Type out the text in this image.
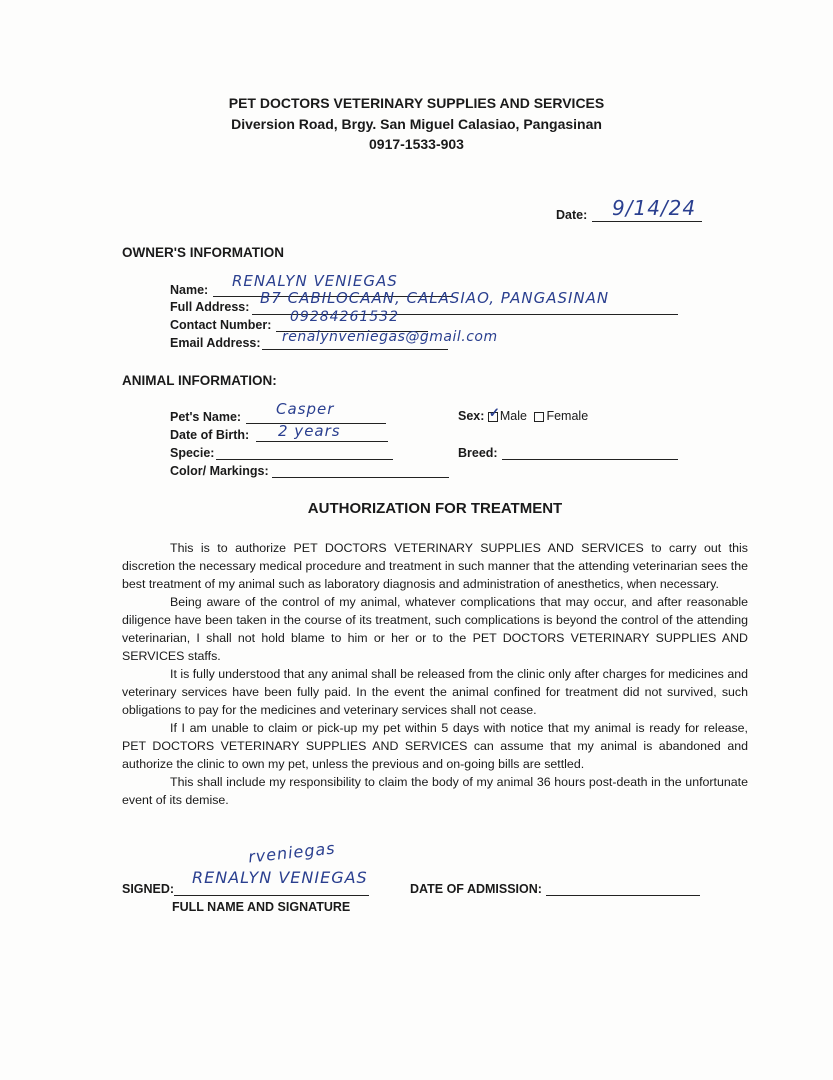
PET DOCTORS VETERINARY SUPPLIES AND SERVICES
Diversion Road, Brgy. San Miguel Calasiao, Pangasinan
0917-1533-903
Date: 9/14/24
OWNER'S INFORMATION
Name: RENALYN VENIEGAS
Full Address: B7 CABILOCAAN, CALASIAO, PANGASINAN
Contact Number: 09284261532
Email Address: renalynveniegas@gmail.com
ANIMAL INFORMATION:
Pet's Name: Casper
Date of Birth: 2 years
Specie:
Color/ Markings:
Sex: ✓Male Female
Breed:
AUTHORIZATION FOR TREATMENT

This is to authorize PET DOCTORS VETERINARY SUPPLIES AND SERVICES to carry out this discretion the necessary medical procedure and treatment in such manner that the attending veterinarian sees the best treatment of my animal such as laboratory diagnosis and administration of anesthetics, when necessary.

Being aware of the control of my animal, whatever complications that may occur, and after reasonable diligence have been taken in the course of its treatment, such complications is beyond the control of the attending veterinarian, I shall not hold blame to him or her or to the PET DOCTORS VETERINARY SUPPLIES AND SERVICES staffs.

It is fully understood that any animal shall be released from the clinic only after charges for medicines and veterinary services have been fully paid. In the event the animal confined for treatment did not survived, such obligations to pay for the medicines and veterinary services shall not cease.

If I am unable to claim or pick-up my pet within 5 days with notice that my animal is ready for release, PET DOCTORS VETERINARY SUPPLIES AND SERVICES can assume that my animal is abandoned and authorize the clinic to own my pet, unless the previous and on-going bills are settled.

This shall include my responsibility to claim the body of my animal 36 hours post-death in the unfortunate event of its demise.

rveniegas
SIGNED:
RENALYN VENIEGAS
FULL NAME AND SIGNATURE
DATE OF ADMISSION:
